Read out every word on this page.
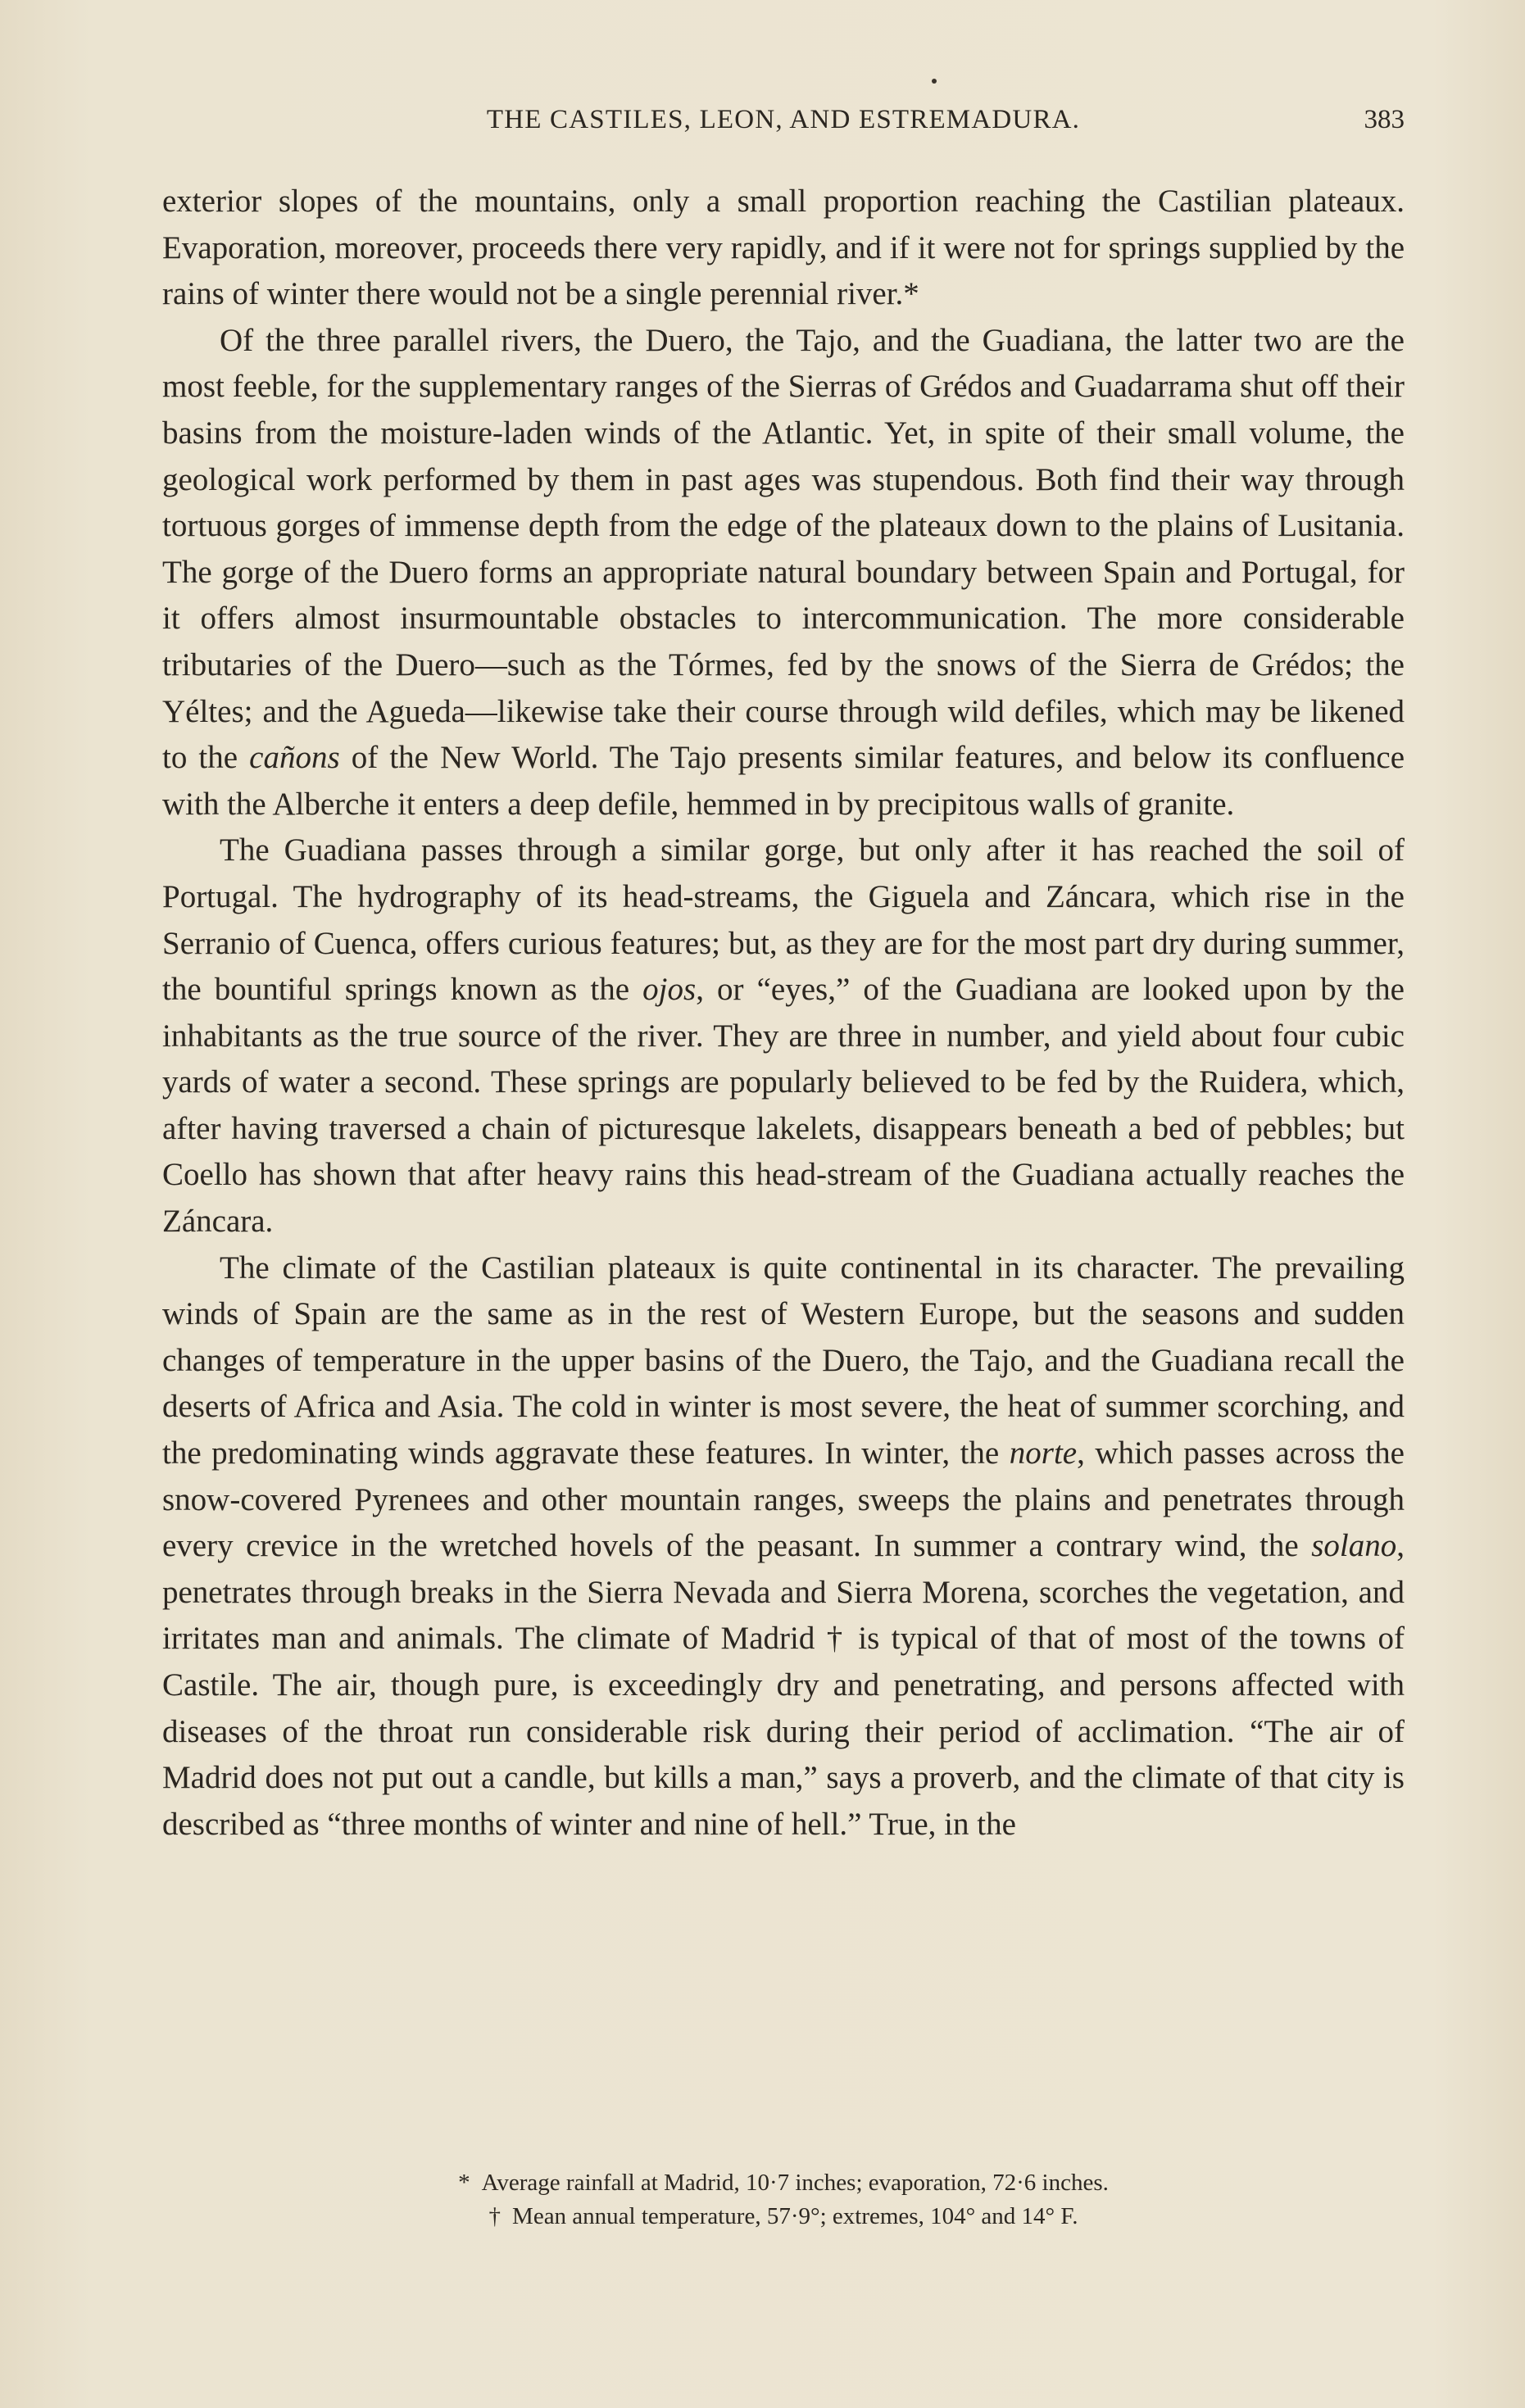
THE CASTILES, LEON, AND ESTREMADURA.	383

exterior slopes of the mountains, only a small proportion reaching the Castilian plateaux. Evaporation, moreover, proceeds there very rapidly, and if it were not for springs supplied by the rains of winter there would not be a single perennial river.*

Of the three parallel rivers, the Duero, the Tajo, and the Guadiana, the latter two are the most feeble, for the supplementary ranges of the Sierras of Grédos and Guadarrama shut off their basins from the moisture-laden winds of the Atlantic. Yet, in spite of their small volume, the geological work performed by them in past ages was stupendous. Both find their way through tortuous gorges of immense depth from the edge of the plateaux down to the plains of Lusitania. The gorge of the Duero forms an appropriate natural boundary between Spain and Portugal, for it offers almost insurmountable obstacles to intercommunication. The more considerable tributaries of the Duero—such as the Tórmes, fed by the snows of the Sierra de Grédos; the Yéltes; and the Agueda—likewise take their course through wild defiles, which may be likened to the cañons of the New World. The Tajo presents similar features, and below its confluence with the Alberche it enters a deep defile, hemmed in by precipitous walls of granite.

The Guadiana passes through a similar gorge, but only after it has reached the soil of Portugal. The hydrography of its head-streams, the Giguela and Záncara, which rise in the Serranio of Cuenca, offers curious features; but, as they are for the most part dry during summer, the bountiful springs known as the ojos, or “eyes,” of the Guadiana are looked upon by the inhabitants as the true source of the river. They are three in number, and yield about four cubic yards of water a second. These springs are popularly believed to be fed by the Ruidera, which, after having traversed a chain of picturesque lakelets, disappears beneath a bed of pebbles; but Coello has shown that after heavy rains this head-stream of the Guadiana actually reaches the Záncara.

The climate of the Castilian plateaux is quite continental in its character. The prevailing winds of Spain are the same as in the rest of Western Europe, but the seasons and sudden changes of temperature in the upper basins of the Duero, the Tajo, and the Guadiana recall the deserts of Africa and Asia. The cold in winter is most severe, the heat of summer scorching, and the predominating winds aggravate these features. In winter, the norte, which passes across the snow-covered Pyrenees and other mountain ranges, sweeps the plains and penetrates through every crevice in the wretched hovels of the peasant. In summer a contrary wind, the solano, penetrates through breaks in the Sierra Nevada and Sierra Morena, scorches the vegetation, and irritates man and animals. The climate of Madrid † is typical of that of most of the towns of Castile. The air, though pure, is exceedingly dry and penetrating, and persons affected with diseases of the throat run considerable risk during their period of acclimation. “The air of Madrid does not put out a candle, but kills a man,” says a proverb, and the climate of that city is described as “three months of winter and nine of hell.” True, in the

* Average rainfall at Madrid, 10·7 inches; evaporation, 72·6 inches.
† Mean annual temperature, 57·9°; extremes, 104° and 14° F.
